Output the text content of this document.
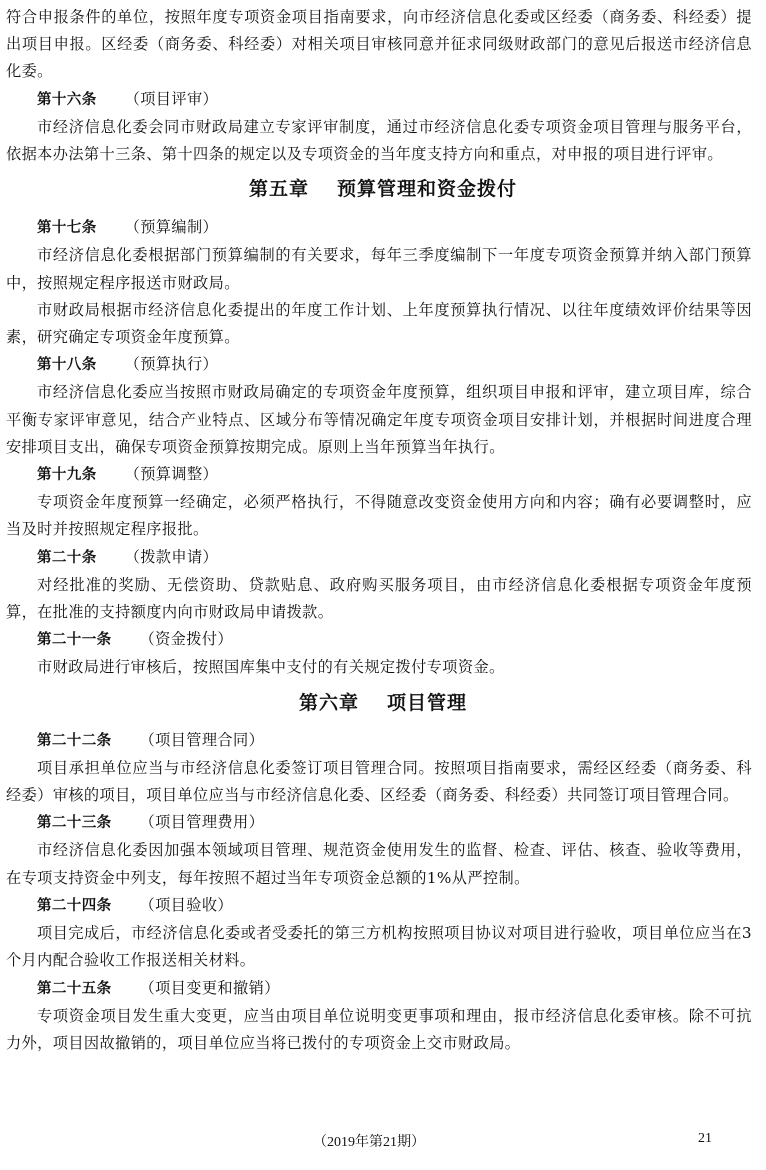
符合申报条件的单位，按照年度专项资金项目指南要求，向市经济信息化委或区经委（商务委、科经委）提出项目申报。区经委（商务委、科经委）对相关项目审核同意并征求同级财政部门的意见后报送市经济信息化委。

第十六条 （项目评审）

市经济信息化委会同市财政局建立专家评审制度，通过市经济信息化委专项资金项目管理与服务平台，依据本办法第十三条、第十四条的规定以及专项资金的当年度支持方向和重点，对申报的项目进行评审。

第五章 预算管理和资金拨付

第十七条 （预算编制）

市经济信息化委根据部门预算编制的有关要求，每年三季度编制下一年度专项资金预算并纳入部门预算中，按照规定程序报送市财政局。

市财政局根据市经济信息化委提出的年度工作计划、上年度预算执行情况、以往年度绩效评价结果等因素，研究确定专项资金年度预算。

第十八条 （预算执行）

市经济信息化委应当按照市财政局确定的专项资金年度预算，组织项目申报和评审，建立项目库，综合平衡专家评审意见，结合产业特点、区域分布等情况确定年度专项资金项目安排计划，并根据时间进度合理安排项目支出，确保专项资金预算按期完成。原则上当年预算当年执行。

第十九条 （预算调整）

专项资金年度预算一经确定，必须严格执行，不得随意改变资金使用方向和内容；确有必要调整时，应当及时并按照规定程序报批。

第二十条 （拨款申请）

对经批准的奖励、无偿资助、贷款贴息、政府购买服务项目，由市经济信息化委根据专项资金年度预算，在批准的支持额度内向市财政局申请拨款。

第二十一条 （资金拨付）

市财政局进行审核后，按照国库集中支付的有关规定拨付专项资金。

第六章 项目管理

第二十二条 （项目管理合同）

项目承担单位应当与市经济信息化委签订项目管理合同。按照项目指南要求，需经区经委（商务委、科经委）审核的项目，项目单位应当与市经济信息化委、区经委（商务委、科经委）共同签订项目管理合同。

第二十三条 （项目管理费用）

市经济信息化委因加强本领域项目管理、规范资金使用发生的监督、检查、评估、核查、验收等费用，在专项支持资金中列支，每年按照不超过当年专项资金总额的1%从严控制。

第二十四条 （项目验收）

项目完成后，市经济信息化委或者受委托的第三方机构按照项目协议对项目进行验收，项目单位应当在3个月内配合验收工作报送相关材料。

第二十五条 （项目变更和撤销）

专项资金项目发生重大变更，应当由项目单位说明变更事项和理由，报市经济信息化委审核。除不可抗力外，项目因故撤销的，项目单位应当将已拨付的专项资金上交市财政局。

（2019年第21期）	21
